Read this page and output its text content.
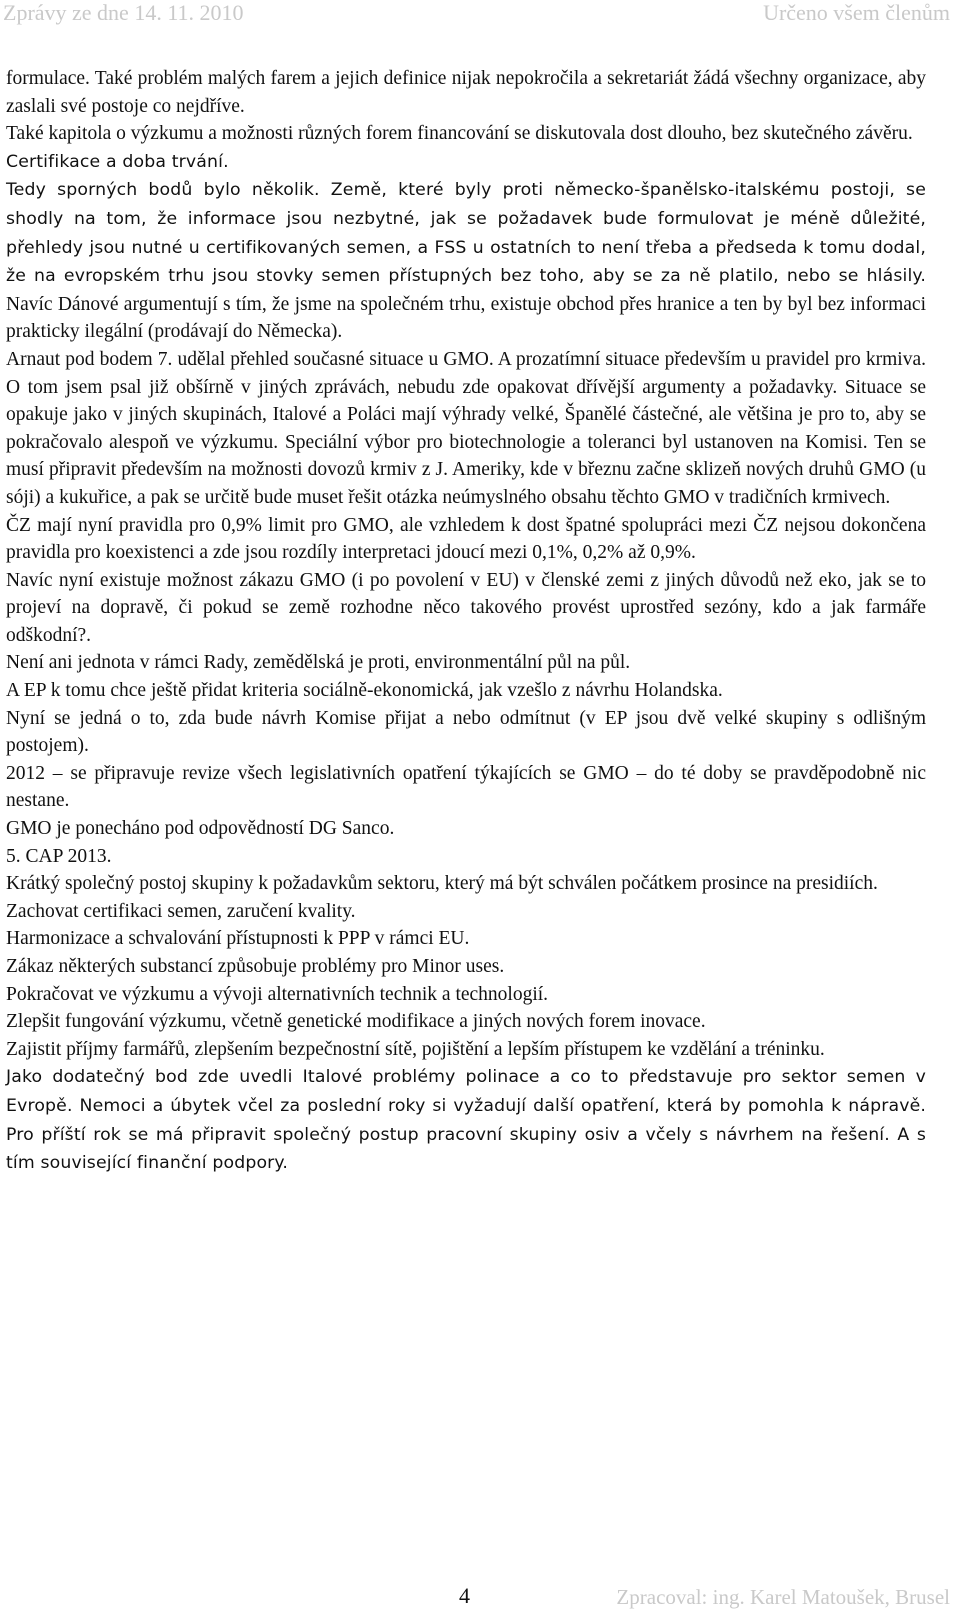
Zprávy ze dne 14. 11. 2010	Určeno všem členům

formulace. Také problém malých farem a jejich definice nijak nepokročila a sekretariát žádá všechny organizace, aby zaslali své postoje co nejdříve.

Také kapitola o výzkumu a možnosti různých forem financování se diskutovala dost dlouho, bez skutečného závěru.

Certifikace a doba trvání.

Tedy sporných bodů bylo několik. Země, které byly proti německo-španělsko-italskému postoji, se shodly na tom, že informace jsou nezbytné, jak se požadavek bude formulovat je méně důležité, přehledy jsou nutné u certifikovaných semen, a FSS u ostatních to není třeba a předseda k tomu dodal, že na evropském trhu jsou stovky semen přístupných bez toho, aby se za ně platilo, nebo se hlásily. Navíc Dánové argumentují s tím, že jsme na společném trhu, existuje obchod přes hranice a ten by byl bez informaci prakticky ilegální (prodávají do Německa).

Arnaut pod bodem 7. udělal přehled současné situace u GMO. A prozatímní situace především u pravidel pro krmiva. O tom jsem psal již obšírně v jiných zprávách, nebudu zde opakovat dřívější argumenty a požadavky. Situace se opakuje jako v jiných skupinách, Italové a Poláci mají výhrady velké, Španělé částečné, ale většina je pro to, aby se pokračovalo alespoň ve výzkumu. Speciální výbor pro biotechnologie a toleranci byl ustanoven na Komisi. Ten se musí připravit především na možnosti dovozů krmiv z J. Ameriky, kde v březnu začne sklizeň nových druhů GMO (u sóji) a kukuřice, a pak se určitě bude muset řešit otázka neúmyslného obsahu těchto GMO v tradičních krmivech.

ČZ mají nyní pravidla pro 0,9% limit pro GMO, ale vzhledem k dost špatné spolupráci mezi ČZ nejsou dokončena pravidla pro koexistenci a zde jsou rozdíly interpretaci jdoucí mezi 0,1%, 0,2% až 0,9%.

Navíc nyní existuje možnost zákazu GMO (i po povolení v EU) v členské zemi z jiných důvodů než eko, jak se to projeví na dopravě, či pokud se země rozhodne něco takového provést uprostřed sezóny, kdo a jak farmáře odškodní?.

Není ani jednota v rámci Rady, zemědělská je proti, environmentální půl na půl.

A EP k tomu chce ještě přidat kriteria sociálně-ekonomická, jak vzešlo z návrhu Holandska.

Nyní se jedná o to, zda bude návrh Komise přijat a nebo odmítnut (v EP jsou dvě velké skupiny s odlišným postojem).

2012 – se připravuje revize všech legislativních opatření týkajících se GMO – do té doby se pravděpodobně nic nestane.

GMO je ponecháno pod odpovědností DG Sanco.

5. CAP 2013.

Krátký společný postoj skupiny k požadavkům sektoru, který má být schválen počátkem prosince na presidiích.

Zachovat certifikaci semen, zaručení kvality.

Harmonizace a schvalování přístupnosti k PPP v rámci EU.

Zákaz některých substancí způsobuje problémy pro Minor uses.

Pokračovat ve výzkumu a vývoji alternativních technik a technologií.

Zlepšit fungování výzkumu, včetně genetické modifikace a jiných nových forem inovace.

Zajistit příjmy farmářů, zlepšením bezpečnostní sítě, pojištění a lepším přístupem ke vzdělání a tréninku.

Jako dodatečný bod zde uvedli Italové problémy polinace a co to představuje pro sektor semen v Evropě. Nemoci a úbytek včel za poslední roky si vyžadují další opatření, která by pomohla k nápravě. Pro příští rok se má připravit společný postup pracovní skupiny osiv a včely s návrhem na řešení. A s tím související finanční podpory.

4	Zpracoval: ing. Karel Matoušek, Brusel
